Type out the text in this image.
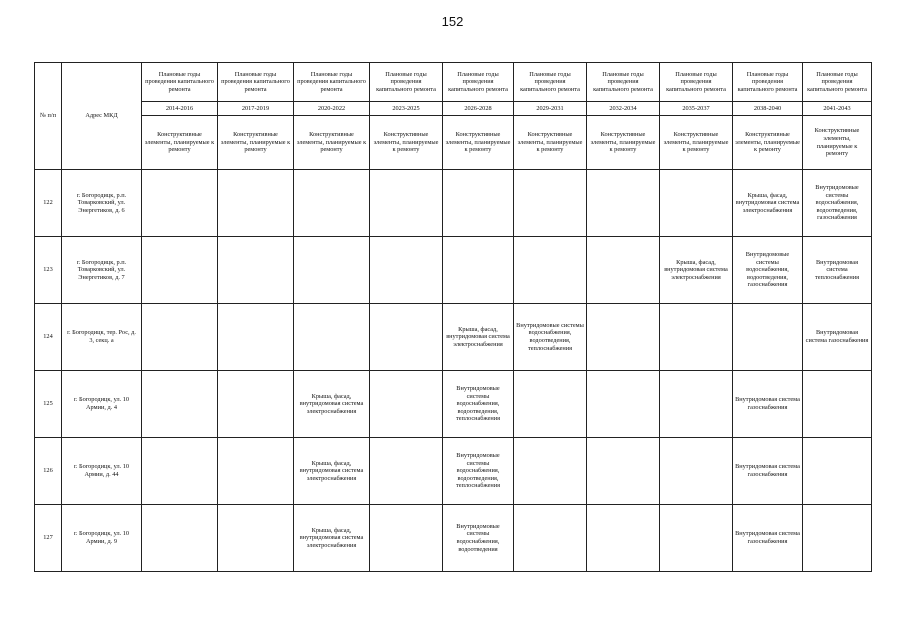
152
№ п/п	Адрес МКД	Плановые годы проведения капитального ремонта	Плановые годы проведения капитального ремонта	Плановые годы проведения капитального ремонта	Плановые годы проведения капитального ремонта	Плановые годы проведения капитального ремонта	Плановые годы проведения капитального ремонта	Плановые годы проведения капитального ремонта	Плановые годы проведения капитального ремонта	Плановые годы проведения капитального ремонта	Плановые годы проведения капитального ремонта
		2014-2016	2017-2019	2020-2022	2023-2025	2026-2028	2029-2031	2032-2034	2035-2037	2038-2040	2041-2043
		Конструктивные элементы, планируемые к ремонту	Конструктивные элементы, планируемые к ремонту	Конструктивные элементы, планируемые к ремонту	Конструктивные элементы, планируемые к ремонту	Конструктивные элементы, планируемые к ремонту	Конструктивные элементы, планируемые к ремонту	Конструктивные элементы, планируемые к ремонту	Конструктивные элементы, планируемые к ремонту	Конструктивные элементы, планируемые к ремонту	Конструктивные элементы, планируемые к ремонту
122	г. Богородицк, р.п. Товарковский, ул. Энергетиков, д. 6									Крыша, фасад, внутридомовая система электроснабжения	Внутридомовые системы водоснабжения, водоотведения, газоснабжения
123	г. Богородицк, р.п. Товарковский, ул. Энергетиков, д. 7								Крыша, фасад, внутридомовая система электроснабжения	Внутридомовые системы водоснабжения, водоотведения, газоснабжения	Внутридомовая система теплоснабжения
124	г. Богородицк, тер. Рос, д. 3, секц. а					Крыша, фасад, внутридомовая система электроснабжения	Внутридомовые системы водоснабжения, водоотведения, теплоснабжения				Внутридомовая система газоснабжения
125	г. Богородицк, ул. 10 Армии, д. 4			Крыша, фасад, внутридомовая система электроснабжения		Внутридомовые системы водоснабжения, водоотведения, теплоснабжения				Внутридомовая система газоснабжения	
126	г. Богородицк, ул. 10 Армии, д. 44			Крыша, фасад, внутридомовая система электроснабжения		Внутридомовые системы водоснабжения, водоотведения, теплоснабжения				Внутридомовая система газоснабжения	
127	г. Богородицк, ул. 10 Армии, д. 9			Крыша, фасад, внутридомовая система электроснабжения		Внутридомовые системы водоснабжения, водоотведения				Внутридомовая система газоснабжения	
